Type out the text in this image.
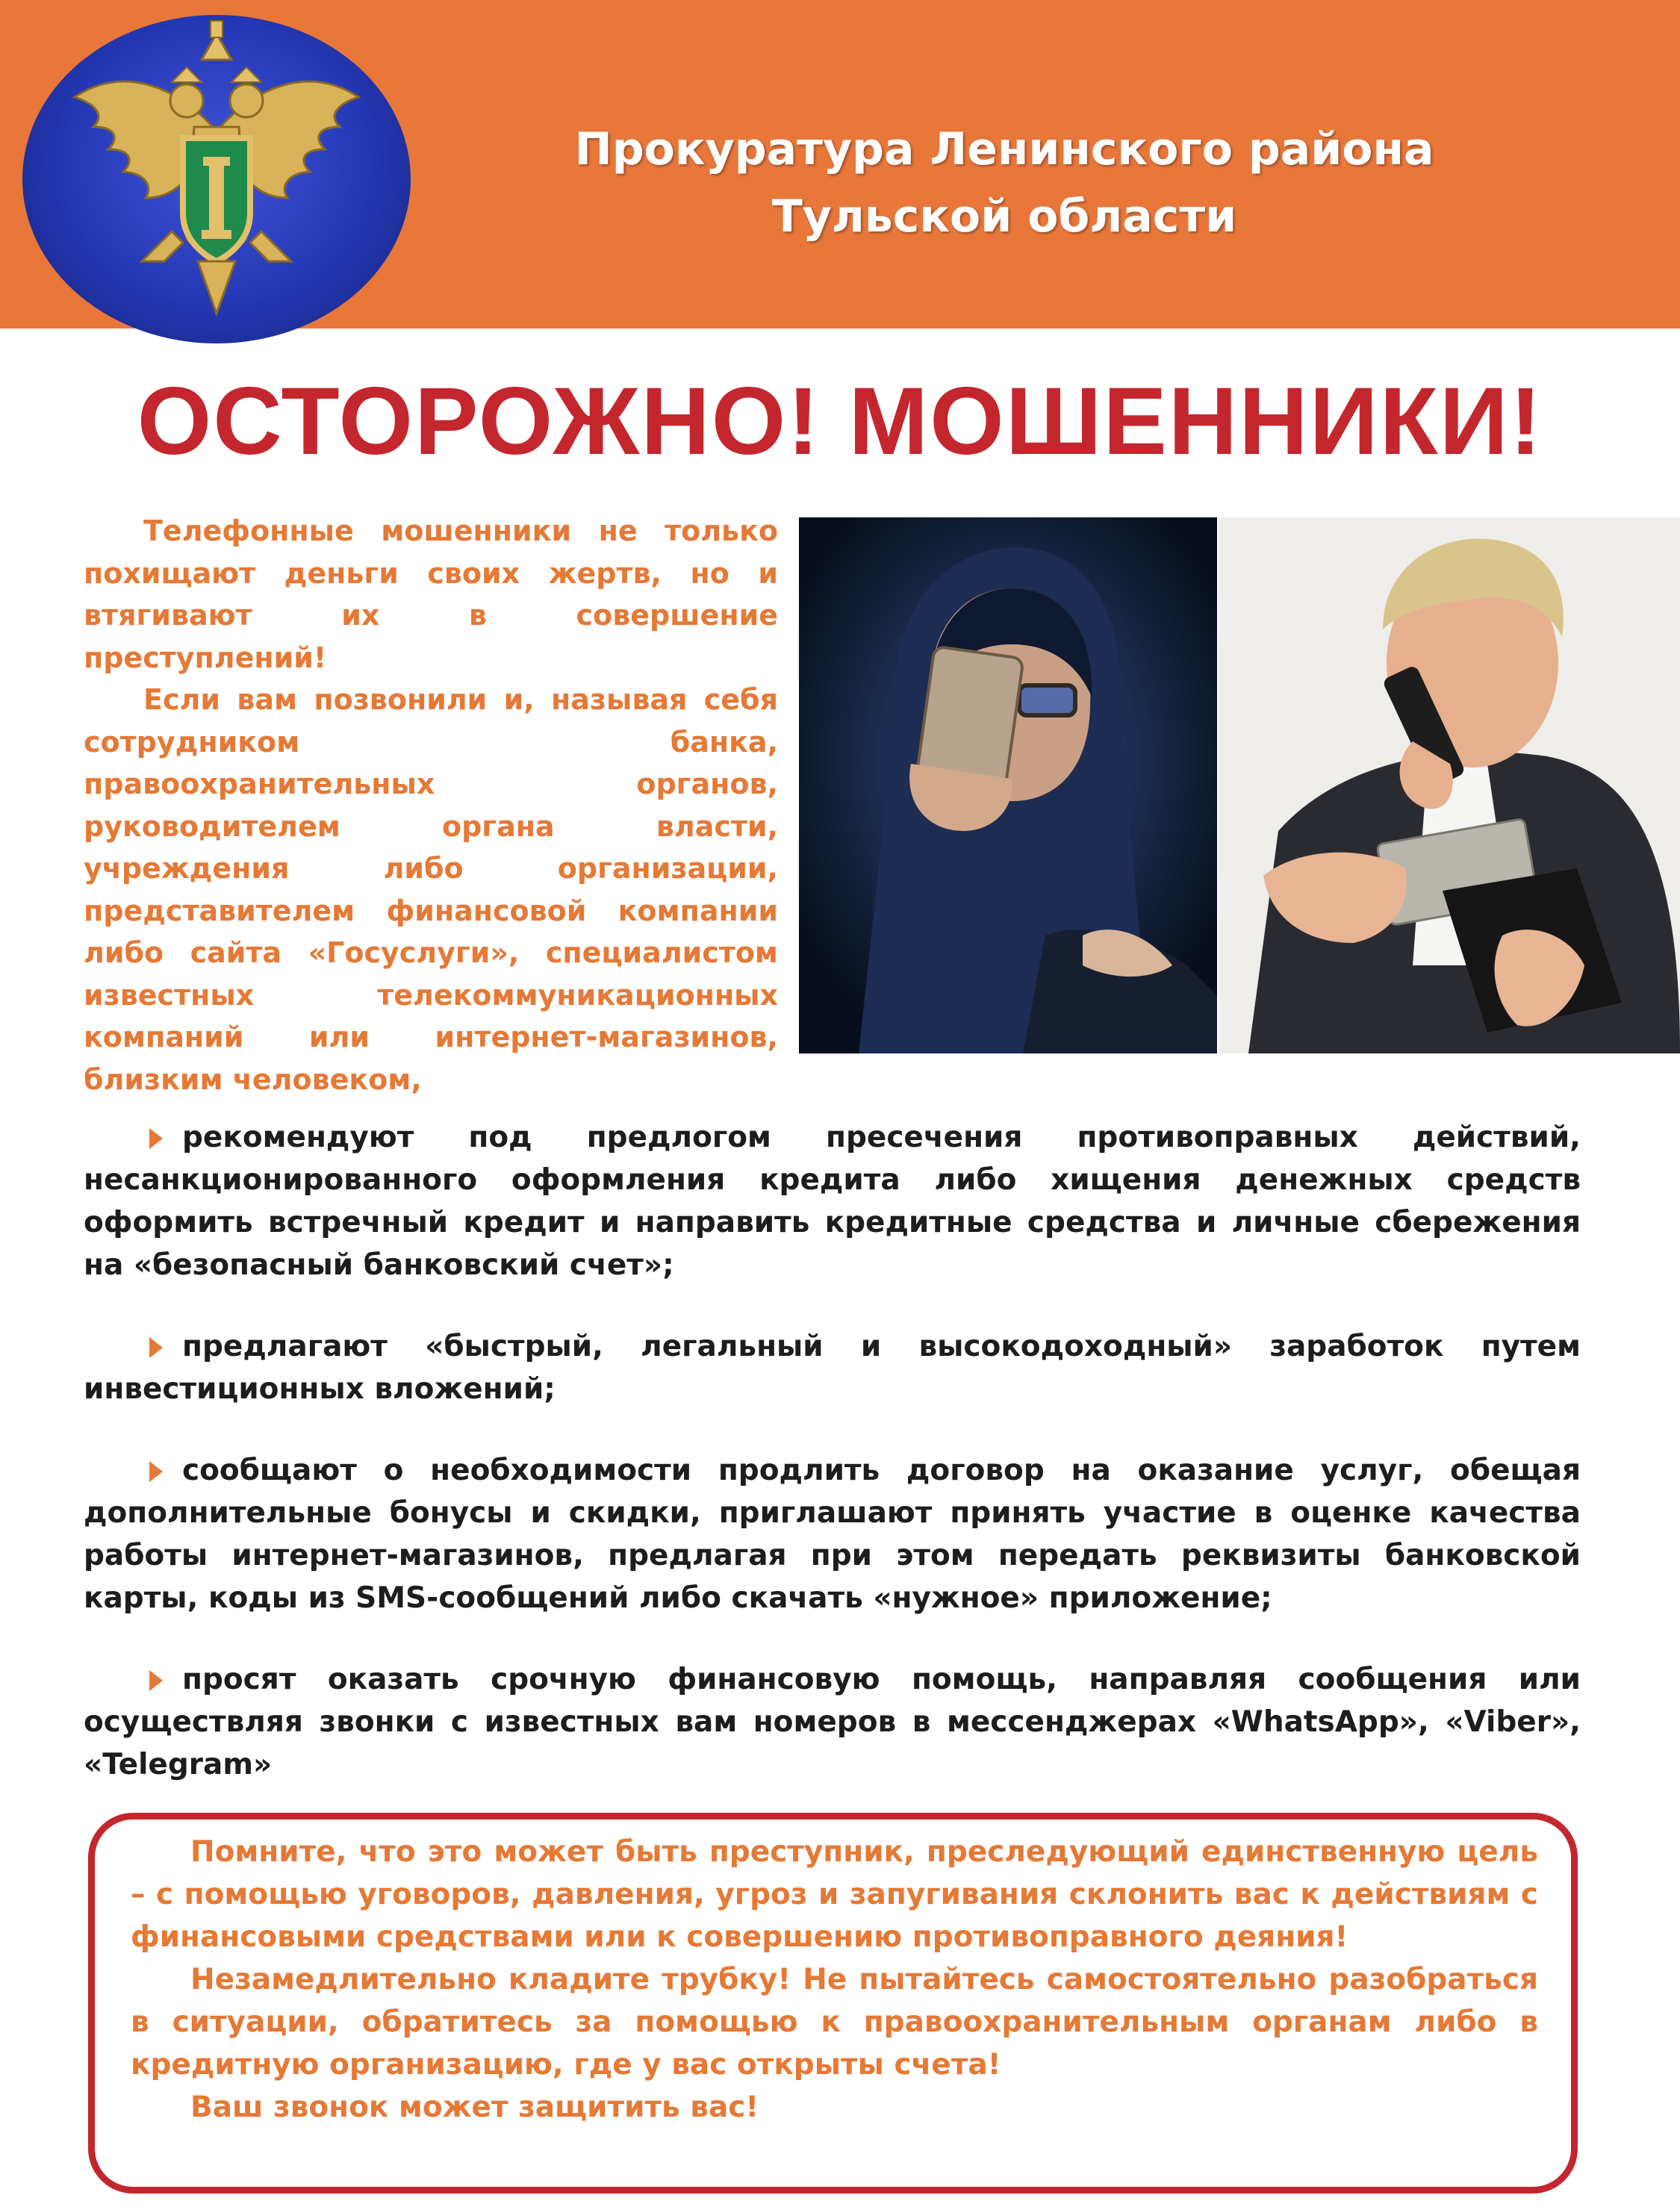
Прокуратура Ленинского района Тульской области
ОСТОРОЖНО! МОШЕННИКИ!

Телефонные мошенники не только похищают деньги своих жертв, но и втягивают их в совершение преступлений!

Если вам позвонили и, называя себя сотрудником банка, правоохранительных органов, руководителем органа власти, учреждения либо организации, представителем финансовой компании либо сайта «Госуслуги», специалистом известных телекоммуникационных компаний или интернет-магазинов, близким человеком,

рекомендуют под предлогом пресечения противоправных действий, несанкционированного оформления кредита либо хищения денежных средств оформить встречный кредит и направить кредитные средства и личные сбережения на «безопасный банковский счет»;

предлагают «быстрый, легальный и высокодоходный» заработок путем инвестиционных вложений;

сообщают о необходимости продлить договор на оказание услуг, обещая дополнительные бонусы и скидки, приглашают принять участие в оценке качества работы интернет-магазинов, предлагая при этом передать реквизиты банковской карты, коды из SMS-сообщений либо скачать «нужное» приложение;

просят оказать срочную финансовую помощь, направляя сообщения или осуществляя звонки с известных вам номеров в мессенджерах «WhatsApp», «Viber», «Telegram»

Помните, что это может быть преступник, преследующий единственную цель – с помощью уговоров, давления, угроз и запугивания склонить вас к действиям с финансовыми средствами или к совершению противоправного деяния!

Незамедлительно кладите трубку! Не пытайтесь самостоятельно разобраться в ситуации, обратитесь за помощью к правоохранительным органам либо в кредитную организацию, где у вас открыты счета!

Ваш звонок может защитить вас!
